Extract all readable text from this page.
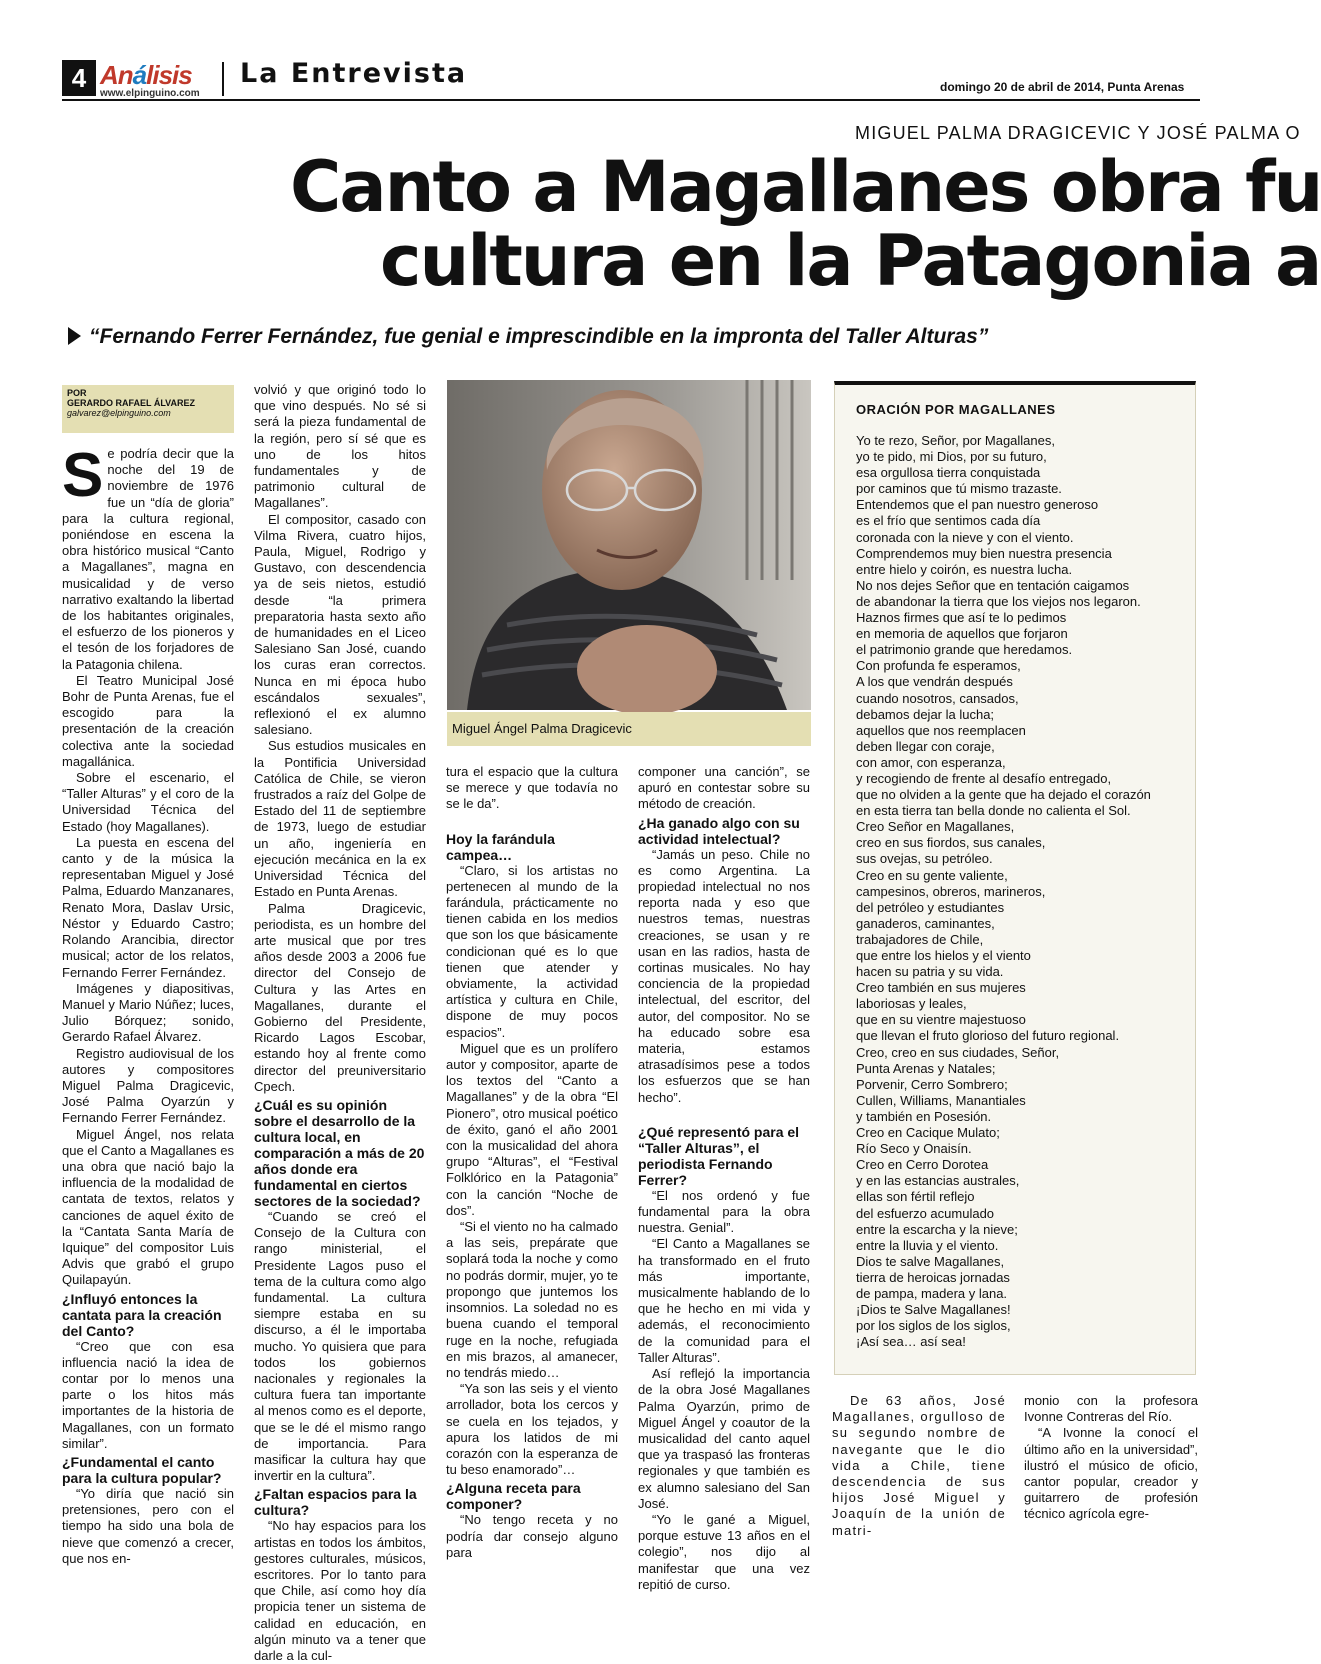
4 Análisis
www.elpinguino.com
La Entrevista	domingo 20 de abril de 2014, Punta Arenas
MIGUEL PALMA DRAGICEVIC Y JOSÉ PALMA O
Canto a Magallanes obra fu
cultura en la Patagonia a
“Fernando Ferrer Fernández, fue genial e imprescindible en la impronta del Taller Alturas”
POR
GERARDO RAFAEL ÁLVAREZ
galvarez@elpinguino.com

Se podría decir que la noche del 19 de noviembre de 1976 fue un “día de gloria” para la cultura regional, poniéndose en escena la obra histórico musical “Canto a Magallanes”, magna en musicalidad y de verso narrativo exaltando la libertad de los habitantes originales, el esfuerzo de los pioneros y el tesón de los forjadores de la Patagonia chilena.

El Teatro Municipal José Bohr de Punta Arenas, fue el escogido para la presentación de la creación colectiva ante la sociedad magallánica.

Sobre el escenario, el “Taller Alturas” y el coro de la Universidad Técnica del Estado (hoy Magallanes).

La puesta en escena del canto y de la música la representaban Miguel y José Palma, Eduardo Manzanares, Renato Mora, Daslav Ursic, Néstor y Eduardo Castro; Rolando Arancibia, director musical; actor de los relatos, Fernando Ferrer Fernández.

Imágenes y diapositivas, Manuel y Mario Núñez; luces, Julio Bórquez; sonido, Gerardo Rafael Álvarez.

Registro audiovisual de los autores y compositores Miguel Palma Dragicevic, José Palma Oyarzún y Fernando Ferrer Fernández.

Miguel Ángel, nos relata que el Canto a Magallanes es una obra que nació bajo la influencia de la modalidad de cantata de textos, relatos y canciones de aquel éxito de la “Cantata Santa María de Iquique” del compositor Luis Advis que grabó el grupo Quilapayún.

¿Influyó entonces la cantata para la creación del Canto?

“Creo que con esa influencia nació la idea de contar por lo menos una parte o los hitos más importantes de la historia de Magallanes, con un formato similar”.

¿Fundamental el canto para la cultura popular?

“Yo diría que nació sin pretensiones, pero con el tiempo ha sido una bola de nieve que comenzó a crecer, que nos en-

volvió y que originó todo lo que vino después. No sé si será la pieza fundamental de la región, pero sí sé que es uno de los hitos fundamentales y de patrimonio cultural de Magallanes”.

El compositor, casado con Vilma Rivera, cuatro hijos, Paula, Miguel, Rodrigo y Gustavo, con descendencia ya de seis nietos, estudió desde “la primera preparatoria hasta sexto año de humanidades en el Liceo Salesiano San José, cuando los curas eran correctos. Nunca en mi época hubo escándalos sexuales”, reflexionó el ex alumno salesiano.

Sus estudios musicales en la Pontificia Universidad Católica de Chile, se vieron frustrados a raíz del Golpe de Estado del 11 de septiembre de 1973, luego de estudiar un año, ingeniería en ejecución mecánica en la ex Universidad Técnica del Estado en Punta Arenas.

Palma Dragicevic, periodista, es un hombre del arte musical que por tres años desde 2003 a 2006 fue director del Consejo de Cultura y las Artes en Magallanes, durante el Gobierno del Presidente, Ricardo Lagos Escobar, estando hoy al frente como director del preuniversitario Cpech.

¿Cuál es su opinión sobre el desarrollo de la cultura local, en comparación a más de 20 años donde era fundamental en ciertos sectores de la sociedad?

“Cuando se creó el Consejo de la Cultura con rango ministerial, el Presidente Lagos puso el tema de la cultura como algo fundamental. La cultura siempre estaba en su discurso, a él le importaba mucho. Yo quisiera que para todos los gobiernos nacionales y regionales la cultura fuera tan importante al menos como es el deporte, que se le dé el mismo rango de importancia. Para masificar la cultura hay que invertir en la cultura”.

¿Faltan espacios para la cultura?

“No hay espacios para los artistas en todos los ámbitos, gestores culturales, músicos, escritores. Por lo tanto para que Chile, así como hoy día propicia tener un sistema de calidad en educación, en algún minuto va a tener que darle a la cul-

Miguel Ángel Palma Dragicevic

tura el espacio que la cultura se merece y que todavía no se le da”.

Hoy la farándula campea…

“Claro, si los artistas no pertenecen al mundo de la farándula, prácticamente no tienen cabida en los medios que son los que básicamente condicionan qué es lo que tienen que atender y obviamente, la actividad artística y cultura en Chile, dispone de muy pocos espacios”.

Miguel que es un prolífero autor y compositor, aparte de los textos del “Canto a Magallanes” y de la obra “El Pionero”, otro musical poético de éxito, ganó el año 2001 con la musicalidad del ahora grupo “Alturas”, el “Festival Folklórico en la Patagonia” con la canción “Noche de dos”.

“Si el viento no ha calmado a las seis, prepárate que soplará toda la noche y como no podrás dormir, mujer, yo te propongo que juntemos los insomnios. La soledad no es buena cuando el temporal ruge en la noche, refugiada en mis brazos, al amanecer, no tendrás miedo…

“Ya son las seis y el viento arrollador, bota los cercos y se cuela en los tejados, y apura los latidos de mi corazón con la esperanza de tu beso enamorado”…

¿Alguna receta para componer?

“No tengo receta y no podría dar consejo alguno para

componer una canción”, se apuró en contestar sobre su método de creación.

¿Ha ganado algo con su actividad intelectual?

“Jamás un peso. Chile no es como Argentina. La propiedad intelectual no nos reporta nada y eso que nuestros temas, nuestras creaciones, se usan y re usan en las radios, hasta de cortinas musicales. No hay conciencia de la propiedad intelectual, del escritor, del autor, del compositor. No se ha educado sobre esa materia, estamos atrasadísimos pese a todos los esfuerzos que se han hecho”.

¿Qué representó para el “Taller Alturas”, el periodista Fernando Ferrer?

“El nos ordenó y fue fundamental para la obra nuestra. Genial”.

“El Canto a Magallanes se ha transformado en el fruto más importante, musicalmente hablando de lo que he hecho en mi vida y además, el reconocimiento de la comunidad para el Taller Alturas”.

Así reflejó la importancia de la obra José Magallanes Palma Oyarzún, primo de Miguel Ángel y coautor de la musicalidad del canto aquel que ya traspasó las fronteras regionales y que también es ex alumno salesiano del San José.

“Yo le gané a Miguel, porque estuve 13 años en el colegio”, nos dijo al manifestar que una vez repitió de curso.

ORACIÓN POR MAGALLANES
Yo te rezo, Señor, por Magallanes,
yo te pido, mi Dios, por su futuro,
esa orgullosa tierra conquistada
por caminos que tú mismo trazaste.
Entendemos que el pan nuestro generoso
es el frío que sentimos cada día
coronada con la nieve y con el viento.
Comprendemos muy bien nuestra presencia
entre hielo y coirón, es nuestra lucha.
No nos dejes Señor que en tentación caigamos
de abandonar la tierra que los viejos nos legaron.
Haznos firmes que así te lo pedimos
en memoria de aquellos que forjaron
el patrimonio grande que heredamos.
Con profunda fe esperamos,
A los que vendrán después
cuando nosotros, cansados,
debamos dejar la lucha;
aquellos que nos reemplacen
deben llegar con coraje,
con amor, con esperanza,
y recogiendo de frente al desafío entregado,
que no olviden a la gente que ha dejado el corazón
en esta tierra tan bella donde no calienta el Sol.
Creo Señor en Magallanes,
creo en sus fiordos, sus canales,
sus ovejas, su petróleo.
Creo en su gente valiente,
campesinos, obreros, marineros,
del petróleo y estudiantes
ganaderos, caminantes,
trabajadores de Chile,
que entre los hielos y el viento
hacen su patria y su vida.
Creo también en sus mujeres
laboriosas y leales,
que en su vientre majestuoso
que llevan el fruto glorioso del futuro regional.
Creo, creo en sus ciudades, Señor,
Punta Arenas y Natales;
Porvenir, Cerro Sombrero;
Cullen, Williams, Manantiales
y también en Posesión.
Creo en Cacique Mulato;
Río Seco y Onaisín.
Creo en Cerro Dorotea
y en las estancias australes,
ellas son fértil reflejo
del esfuerzo acumulado
entre la escarcha y la nieve;
entre la lluvia y el viento.
Dios te salve Magallanes,
tierra de heroicas jornadas
de pampa, madera y lana.
¡Dios te Salve Magallanes!
por los siglos de los siglos,
¡Así sea… así sea!

De 63 años, José Magallanes, orgulloso de su segundo nombre de navegante que le dio vida a Chile, tiene descendencia de sus hijos José Miguel y Joaquín de la unión de matri-

monio con la profesora Ivonne Contreras del Río.

“A Ivonne la conocí el último año en la universidad”, ilustró el músico de oficio, cantor popular, creador y guitarrero de profesión técnico agrícola egre-
